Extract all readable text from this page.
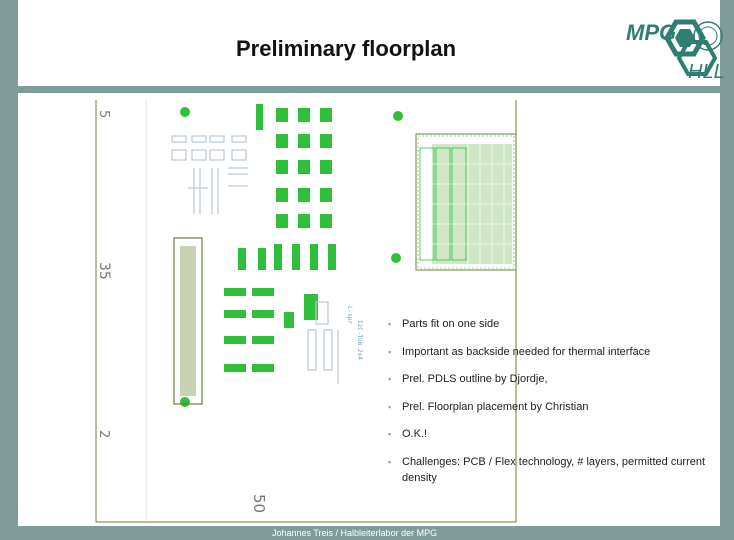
Preliminary floorplan
MPG
HLL
5
35
2
50
L-spr
I2C-TO8 2x4
▪	Parts fit on one side
▪ Important as backside needed for thermal interface
▪ Prel. PDLS outline by Djordje,
▪ Prel. Floorplan placement by Christian
▪ O.K.!
▪ Challenges: PCB / Flex technology, # layers, permitted current density
Johannes Treis / Halbleiterlabor der MPG
